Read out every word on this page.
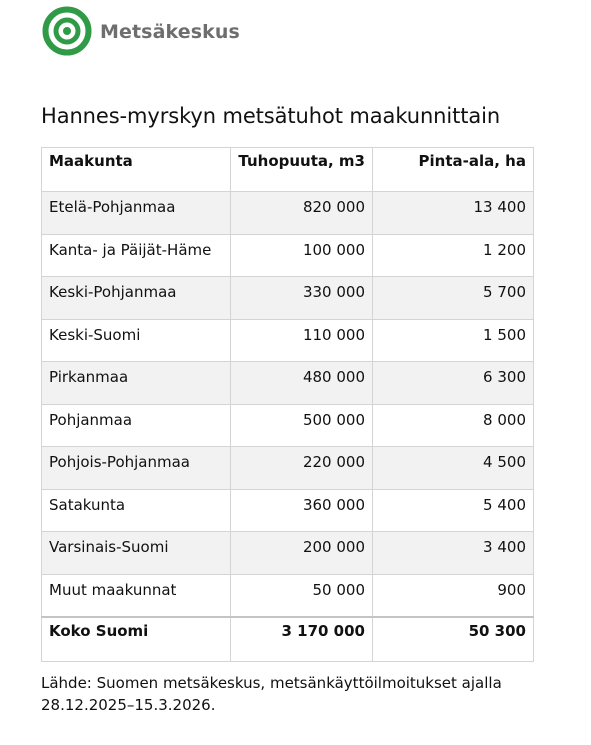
Metsäkeskus
Hannes-myrskyn metsätuhot maakunnittain
Maakunta	Tuhopuuta, m3	Pinta-ala, ha
Etelä-Pohjanmaa	820 000	13 400
Kanta- ja Päijät-Häme	100 000	1 200
Keski-Pohjanmaa	330 000	5 700
Keski-Suomi	110 000	1 500
Pirkanmaa	480 000	6 300
Pohjanmaa	500 000	8 000
Pohjois-Pohjanmaa	220 000	4 500
Satakunta	360 000	5 400
Varsinais-Suomi	200 000	3 400
Muut maakunnat	50 000	900
Koko Suomi	3 170 000	50 300

Lähde: Suomen metsäkeskus, metsänkäyttöilmoitukset ajalla
28.12.2025–15.3.2026.
